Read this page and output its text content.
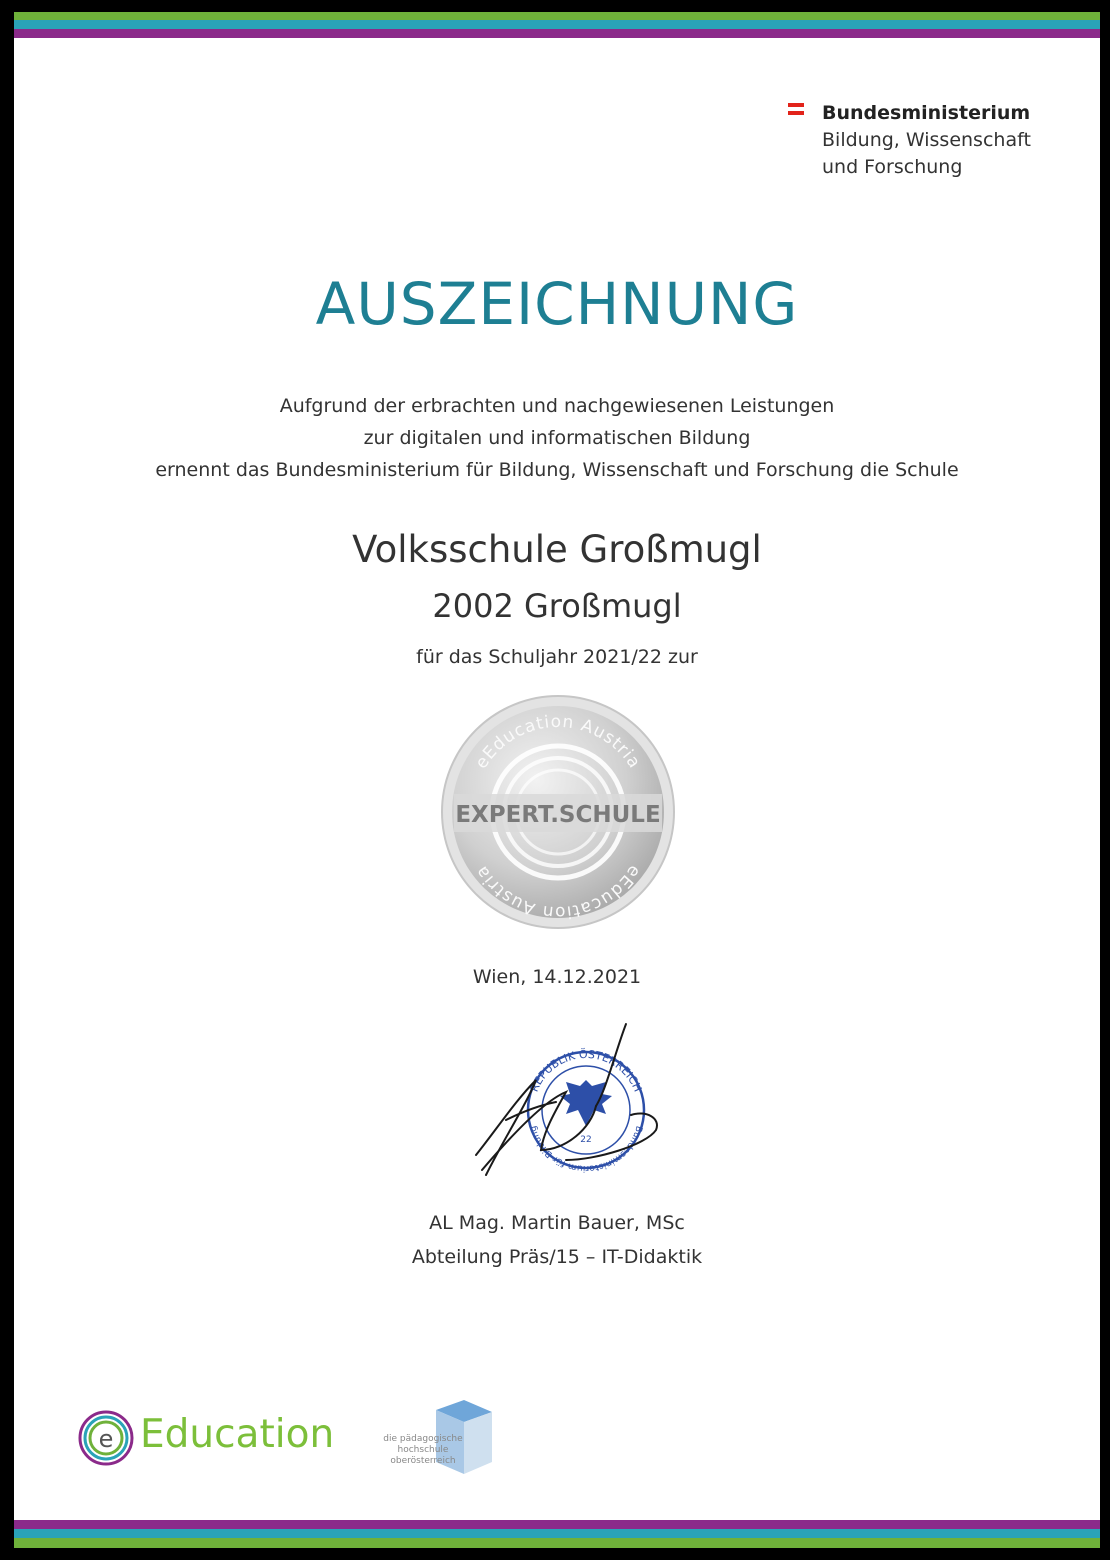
Bundesministerium
Bildung, Wissenschaft
und Forschung
AUSZEICHNUNG
Aufgrund der erbrachten und nachgewiesenen Leistungen
zur digitalen und informatischen Bildung
ernennt das Bundesministerium für Bildung, Wissenschaft und Forschung die Schule
Volksschule Großmugl
2002 Großmugl
für das Schuljahr 2021/22 zur
eEducation Austria
eEducation Austria
EXPERT.SCHULE
Wien, 14.12.2021
REPUBLIK ÖSTERREICH
Bundesministerium für Bildung
22
AL Mag. Martin Bauer, MSc
Abteilung Präs/15 – IT-Didaktik
e Education	die pädagogische hochschule oberösterreich
